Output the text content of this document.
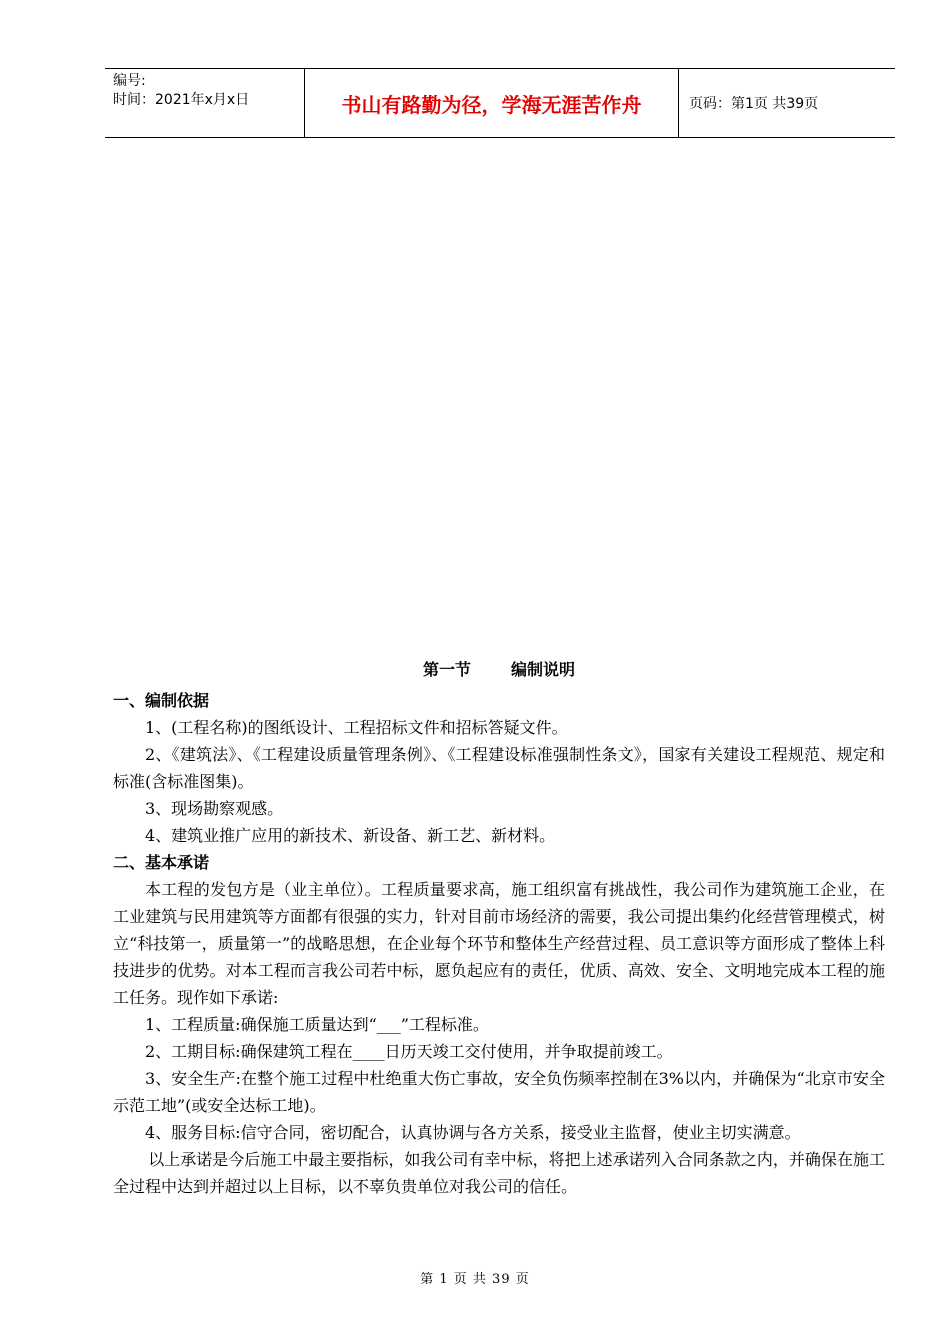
编号:
时间：2021年x月x日	书山有路勤为径，学海无涯苦作舟	页码：第1页 共39页
第一节	编制说明
一、编制依据
1、(工程名称)的图纸设计、工程招标文件和招标答疑文件。
2、《建筑法》、《工程建设质量管理条例》、《工程建设标准强制性条文》，国家有关建设工程规范、规定和标准(含标准图集)。
3、现场勘察观感。
4、建筑业推广应用的新技术、新设备、新工艺、新材料。
二、基本承诺
本工程的发包方是（业主单位）。工程质量要求高，施工组织富有挑战性，我公司作为建筑施工企业，在工业建筑与民用建筑等方面都有很强的实力，针对目前市场经济的需要，我公司提出集约化经营管理模式，树立“科技第一，质量第一”的战略思想，在企业每个环节和整体生产经营过程、员工意识等方面形成了整体上科技进步的优势。对本工程而言我公司若中标，愿负起应有的责任，优质、高效、安全、文明地完成本工程的施工任务。现作如下承诺:
1、工程质量:确保施工质量达到“___”工程标准。
2、工期目标:确保建筑工程在____日历天竣工交付使用，并争取提前竣工。
3、安全生产:在整个施工过程中杜绝重大伤亡事故，安全负伤频率控制在3%以内，并确保为“北京市安全示范工地”(或安全达标工地)。
4、服务目标:信守合同，密切配合，认真协调与各方关系，接受业主监督，使业主切实满意。
以上承诺是今后施工中最主要指标，如我公司有幸中标，将把上述承诺列入合同条款之内，并确保在施工全过程中达到并超过以上目标，以不辜负贵单位对我公司的信任。
第 1 页 共 39 页
